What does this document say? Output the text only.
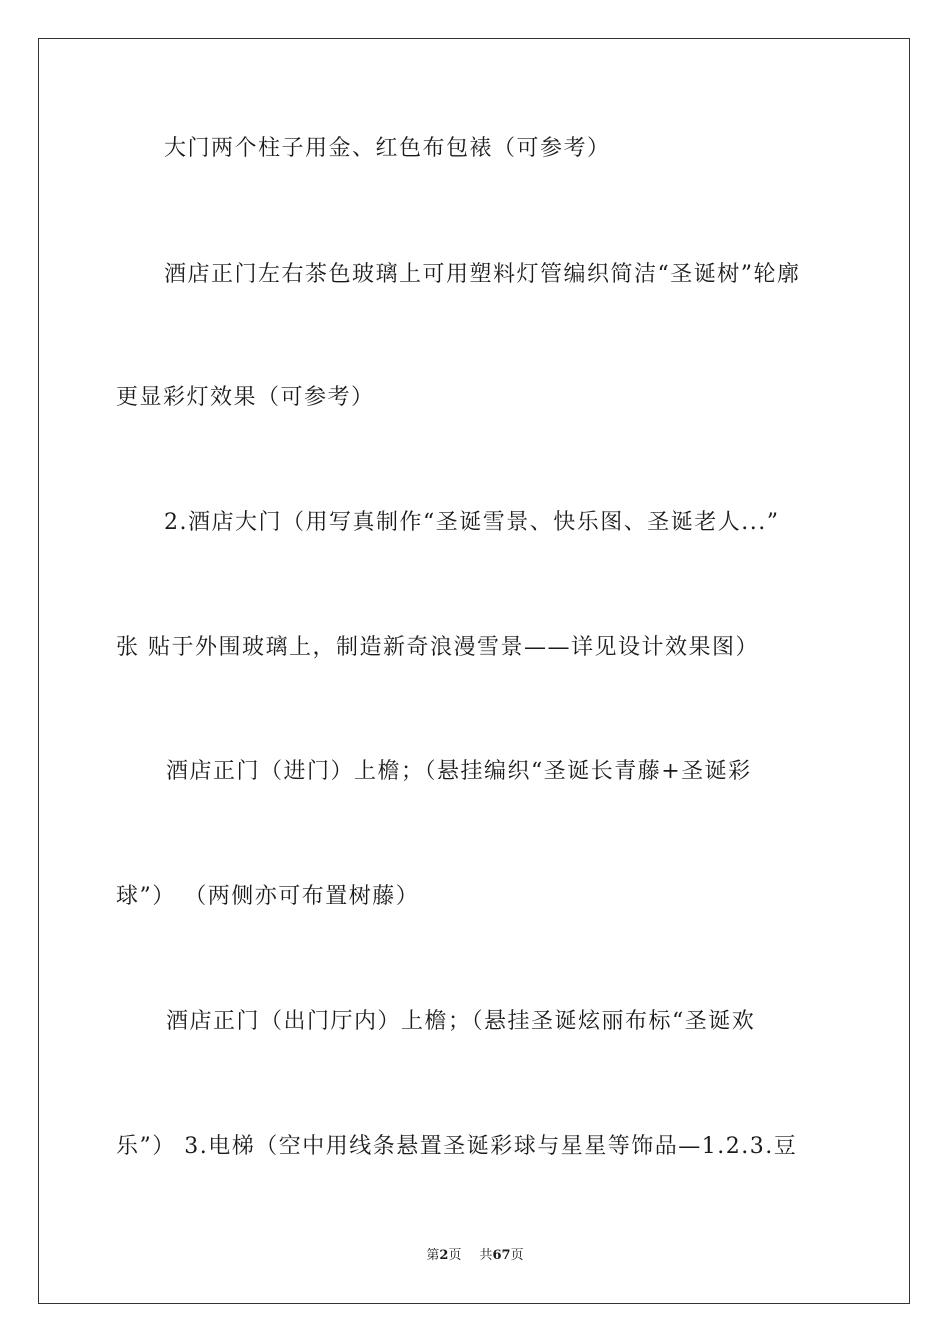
大门两个柱子用金、红色布包裱（可参考）
酒店正门左右茶色玻璃上可用塑料灯管编织简洁“圣诞树”轮廓
更显彩灯效果（可参考）
2.酒店大门（用写真制作“圣诞雪景、快乐图、圣诞老人...”
张 贴于外围玻璃上，制造新奇浪漫雪景——详见设计效果图）
酒店正门（进门）上檐；（悬挂编织“圣诞长青藤+圣诞彩
球”） （两侧亦可布置树藤）
酒店正门（出门厅内）上檐；（悬挂圣诞炫丽布标“圣诞欢
乐”） 3.电梯（空中用线条悬置圣诞彩球与星星等饰品—1.2.3.豆
第2页 共67页
